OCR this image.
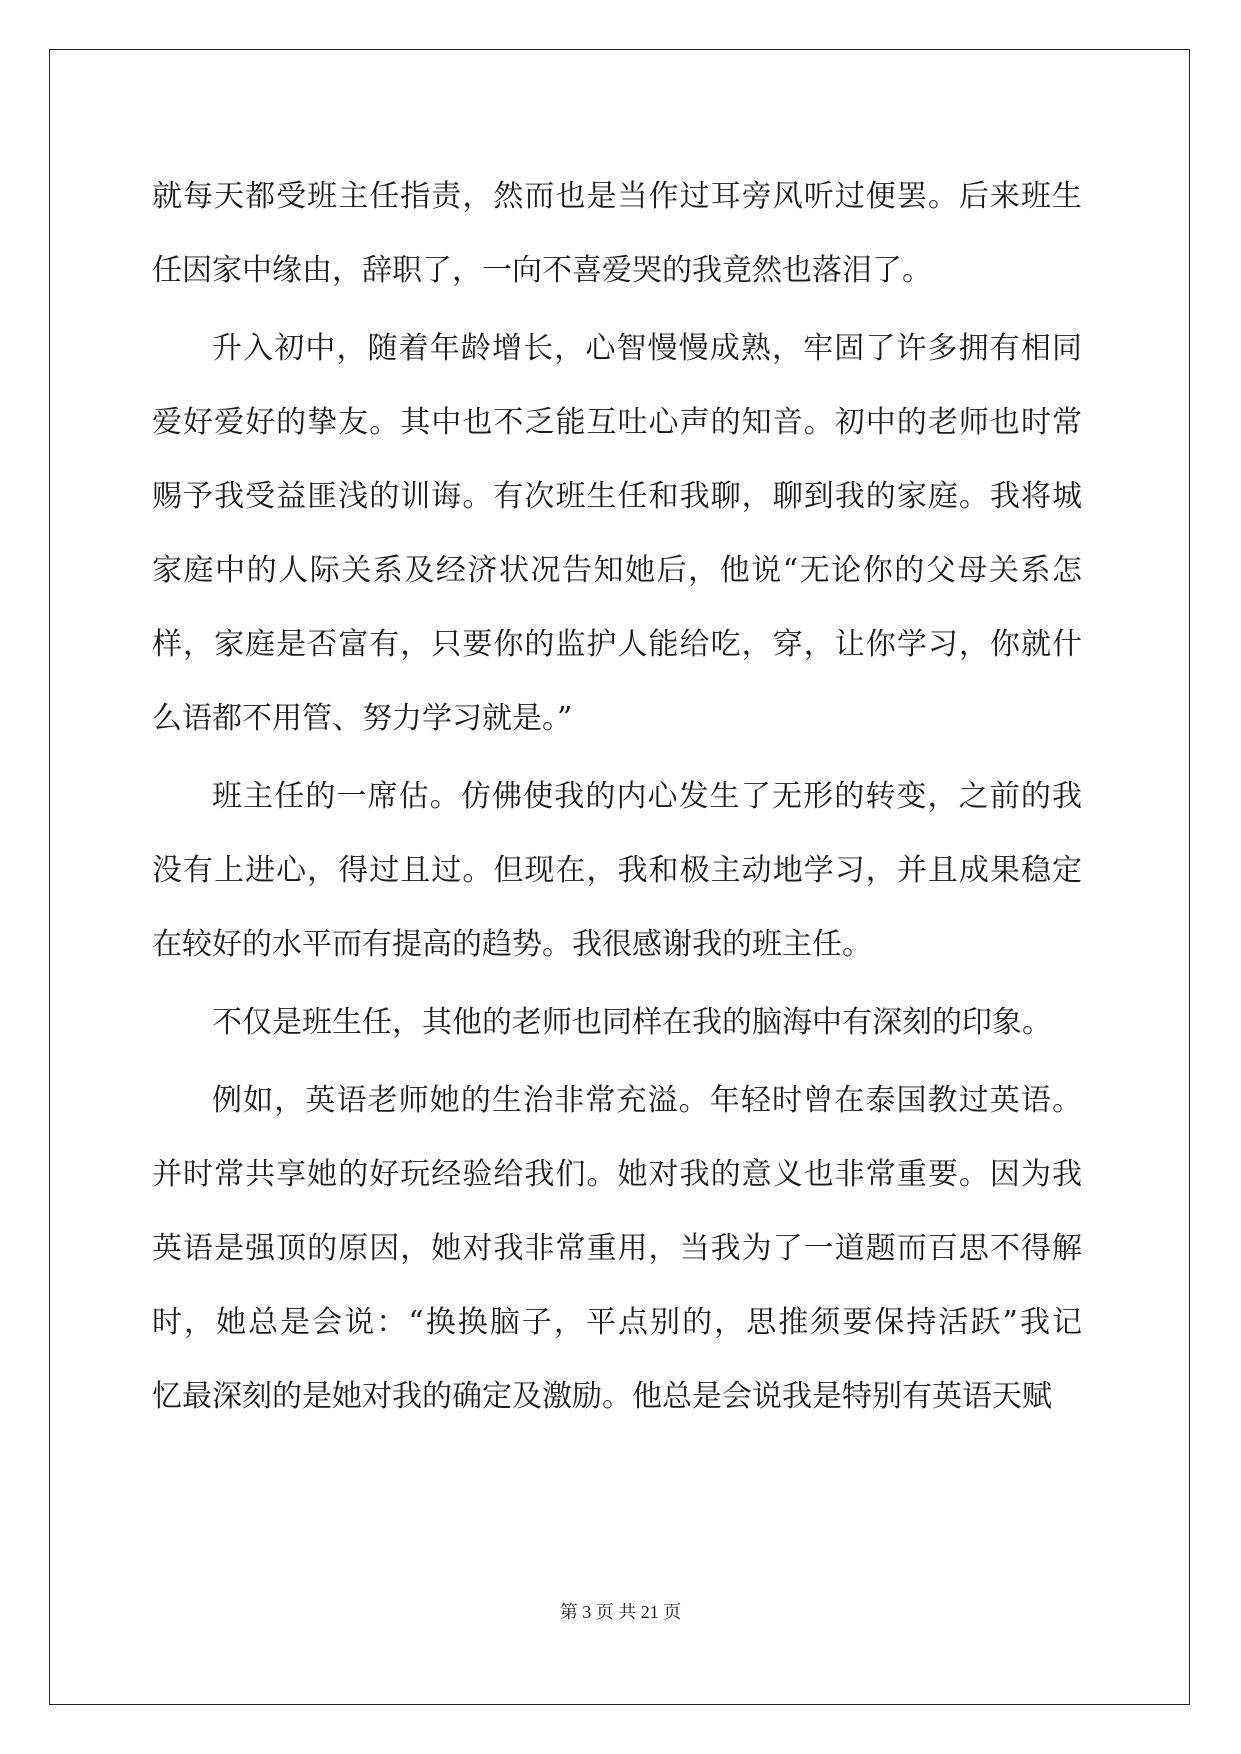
就每天都受班主任指责，然而也是当作过耳旁风听过便罢。后来班生
任因家中缘由，辞职了，一向不喜爱哭的我竟然也落泪了。
升入初中，随着年龄增长，心智慢慢成熟，牢固了许多拥有相同
爱好爱好的挚友。其中也不乏能互吐心声的知音。初中的老师也时常
赐予我受益匪浅的训诲。有次班生任和我聊，聊到我的家庭。我将城
家庭中的人际关系及经济状况告知她后，他说“无论你的父母关系怎
样，家庭是否富有，只要你的监护人能给吃，穿，让你学习，你就什
么语都不用管、努力学习就是。”
班主任的一席估。仿佛使我的内心发生了无形的转变，之前的我
没有上进心，得过且过。但现在，我和极主动地学习，并且成果稳定
在较好的水平而有提高的趋势。我很感谢我的班主任。
不仅是班生任，其他的老师也同样在我的脑海中有深刻的印象。
例如，英语老师她的生治非常充溢。年轻时曾在泰国教过英语。
并时常共享她的好玩经验给我们。她对我的意义也非常重要。因为我
英语是强顶的原因，她对我非常重用，当我为了一道题而百思不得解
时，她总是会说：“换换脑子，平点别的，思推须要保持活跃”我记
忆最深刻的是她对我的确定及激励。他总是会说我是特别有英语天赋
第 3 页 共 21 页
